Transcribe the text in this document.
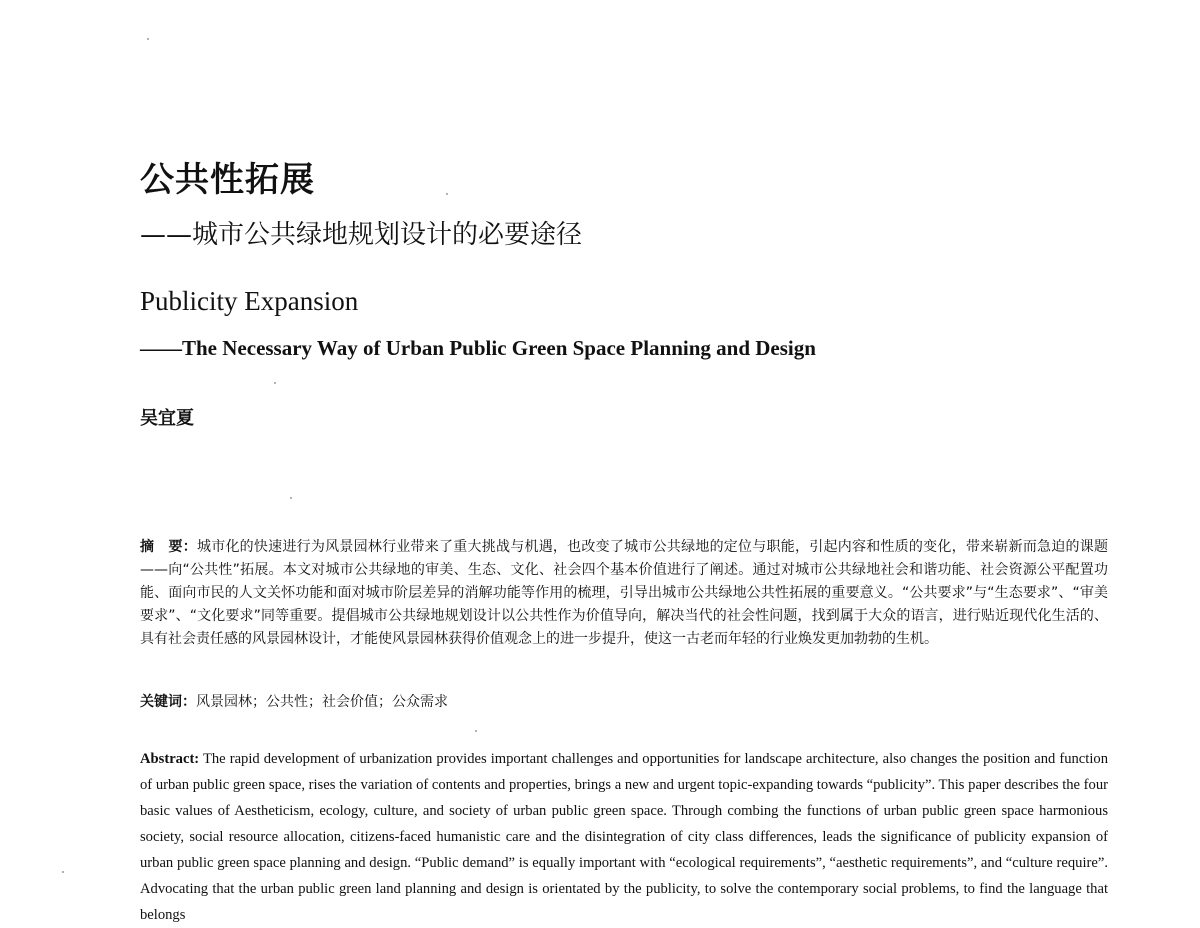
公共性拓展
——城市公共绿地规划设计的必要途径
Publicity Expansion
——The Necessary Way of Urban Public Green Space Planning and Design

吴宜夏

摘　要：城市化的快速进行为风景园林行业带来了重大挑战与机遇，也改变了城市公共绿地的定位与职能，引起内容和性质的变化，带来崭新而急迫的课题——向“公共性”拓展。本文对城市公共绿地的审美、生态、文化、社会四个基本价值进行了阐述。通过对城市公共绿地社会和谐功能、社会资源公平配置功能、面向市民的人文关怀功能和面对城市阶层差异的消解功能等作用的梳理，引导出城市公共绿地公共性拓展的重要意义。“公共要求”与“生态要求”、“审美要求”、“文化要求”同等重要。提倡城市公共绿地规划设计以公共性作为价值导向，解决当代的社会性问题，找到属于大众的语言，进行贴近现代化生活的、具有社会责任感的风景园林设计，才能使风景园林获得价值观念上的进一步提升，使这一古老而年轻的行业焕发更加勃勃的生机。

关键词：风景园林；公共性；社会价值；公众需求

Abstract: The rapid development of urbanization provides important challenges and opportunities for landscape architecture, also changes the position and function of urban public green space, rises the variation of contents and properties, brings a new and urgent topic-expanding towards “publicity”. This paper describes the four basic values of Aestheticism, ecology, culture, and society of urban public green space. Through combing the functions of urban public green space harmonious society, social resource allocation, citizens-faced humanistic care and the disintegration of city class differences, leads the significance of publicity expansion of urban public green space planning and design. “Public demand” is equally important with “ecological requirements”, “aesthetic requirements”, and “culture require”. Advocating that the urban public green land planning and design is orientated by the publicity, to solve the contemporary social problems, to find the language that belongs
